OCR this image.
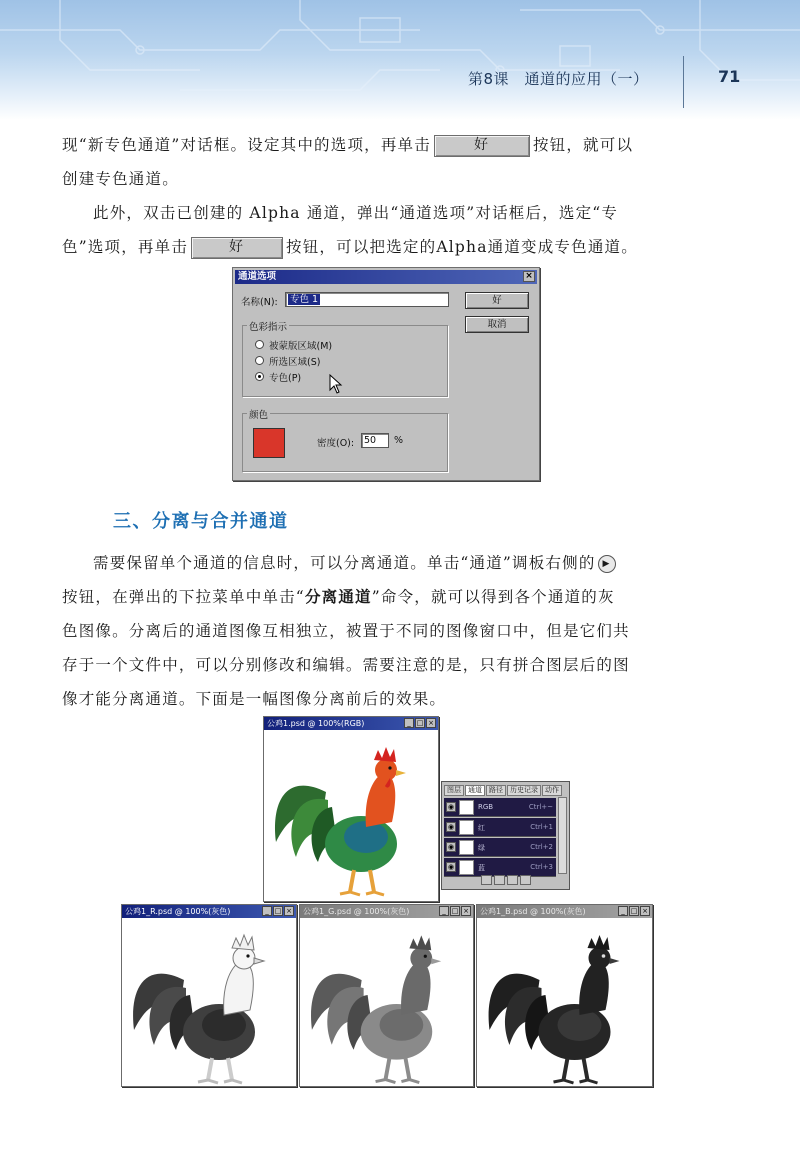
第8课　通道的应用（一）	71
现“新专色通道”对话框。设定其中的选项，再单击	好	按钮，就可以
创建专色通道。
此外，双击已创建的 Alpha 通道，弹出“通道选项”对话框后，选定“专
色”选项，再单击	好	按钮，可以把选定的Alpha通道变成专色通道。
通道选项	×
名称(N):	专色 1	好
取消
色彩指示
被蒙版区域(M)
所选区域(S)
专色(P)
颜色
密度(O):	50	%
三、分离与合并通道
需要保留单个通道的信息时，可以分离通道。单击“通道”调板右侧的 ▶
按钮，在弹出的下拉菜单中单击“分离通道”命令，就可以得到各个通道的灰
色图像。分离后的通道图像互相独立，被置于不同的图像窗口中，但是它们共
存于一个文件中，可以分别修改和编辑。需要注意的是，只有拼合图层后的图
像才能分离通道。下面是一幅图像分离前后的效果。
公鸡1.psd @ 100%(RGB)	_ □ ×
图层	通道	路径	历史记录	动作
◉	RGB	Ctrl+~
◉	红	Ctrl+1
◉	绿	Ctrl+2
◉	蓝	Ctrl+3
公鸡1_R.psd @ 100%(灰色)	_ □ ×	公鸡1_G.psd @ 100%(灰色)	_ □ ×	公鸡1_B.psd @ 100%(灰色)	_ □ ×
